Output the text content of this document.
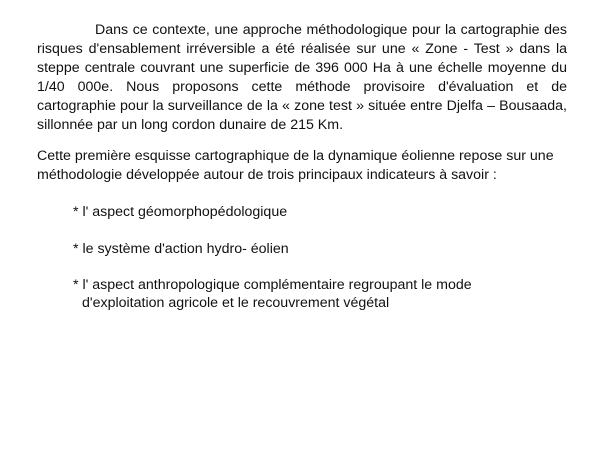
Dans ce contexte, une approche méthodologique pour la cartographie des risques d'ensablement irréversible a été réalisée sur une « Zone - Test » dans la steppe centrale couvrant une superficie de 396 000 Ha à une échelle moyenne du 1/40 000e. Nous proposons cette méthode provisoire d'évaluation et de cartographie pour la surveillance de la « zone test » située entre Djelfa – Bousaada, sillonnée par un long cordon dunaire de 215 Km.

Cette première esquisse cartographique de la dynamique éolienne repose sur une méthodologie développée autour de trois principaux indicateurs à savoir :

* l' aspect géomorphopédologique

* le système d'action hydro- éolien

* l' aspect anthropologique complémentaire regroupant le mode

d'exploitation agricole et le recouvrement végétal
